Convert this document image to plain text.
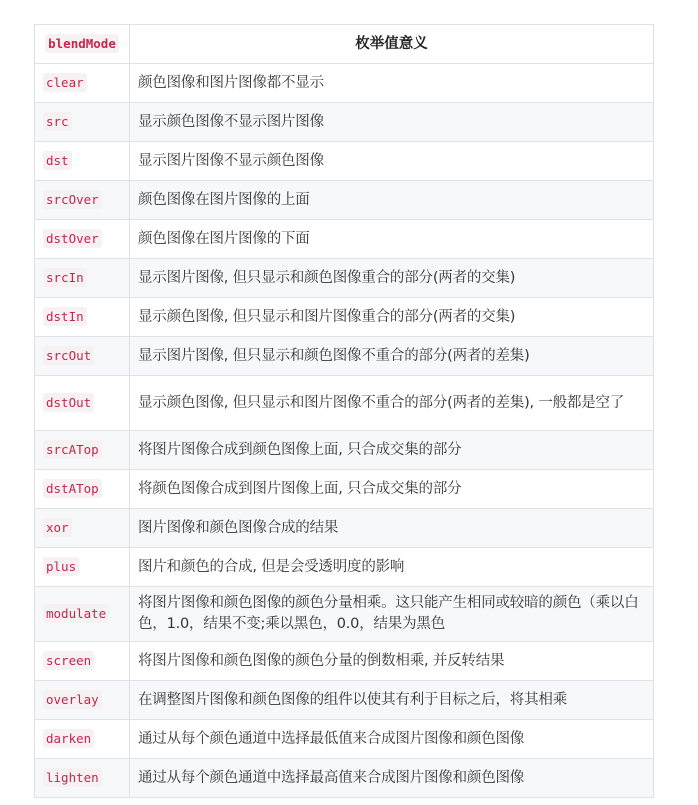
blendMode	枚举值意义
clear	颜色图像和图片图像都不显示
src	显示颜色图像不显示图片图像
dst	显示图片图像不显示颜色图像
srcOver	颜色图像在图片图像的上面
dstOver	颜色图像在图片图像的下面
srcIn	显示图片图像, 但只显示和颜色图像重合的部分(两者的交集)
dstIn	显示颜色图像, 但只显示和图片图像重合的部分(两者的交集)
srcOut	显示图片图像, 但只显示和颜色图像不重合的部分(两者的差集)
dstOut	显示颜色图像, 但只显示和图片图像不重合的部分(两者的差集), 一般都是空了
srcATop	将图片图像合成到颜色图像上面, 只合成交集的部分
dstATop	将颜色图像合成到图片图像上面, 只合成交集的部分
xor	图片图像和颜色图像合成的结果
plus	图片和颜色的合成, 但是会受透明度的影响
modulate	将图片图像和颜色图像的颜色分量相乘。这只能产生相同或较暗的颜色（乘以白色，1.0，结果不变;乘以黑色，0.0，结果为黑色
screen	将图片图像和颜色图像的颜色分量的倒数相乘, 并反转结果
overlay	在调整图片图像和颜色图像的组件以使其有利于目标之后，将其相乘
darken	通过从每个颜色通道中选择最低值来合成图片图像和颜色图像
lighten	通过从每个颜色通道中选择最高值来合成图片图像和颜色图像
